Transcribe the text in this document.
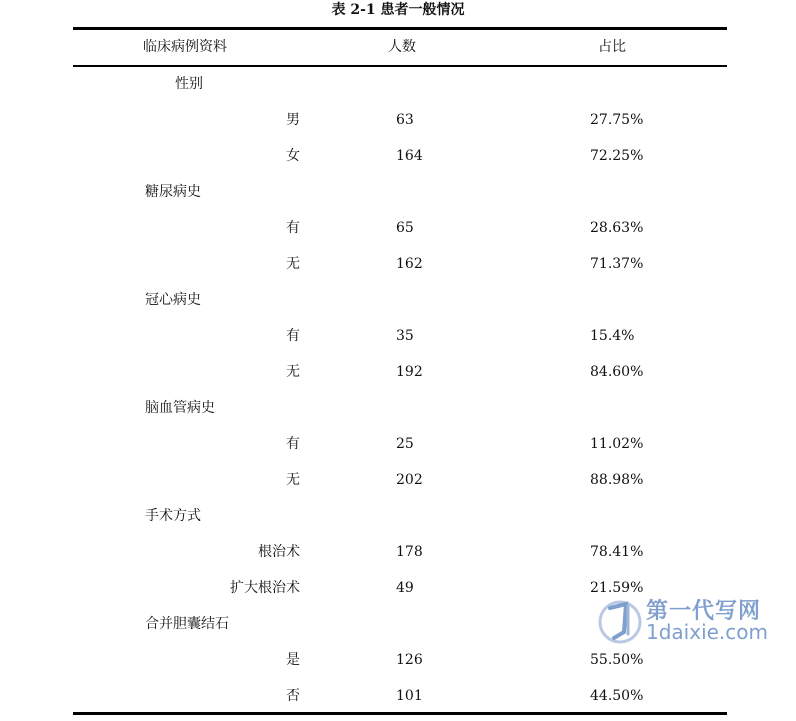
表 2-1 患者一般情况
临床病例资料	人数	占比
性别
男	63	27.75%
女	164	72.25%
糖尿病史
有	65	28.63%
无	162	71.37%
冠心病史
有	35	15.4%
无	192	84.60%
脑血管病史
有	25	11.02%
无	202	88.98%
手术方式
根治术	178	78.41%
扩大根治术	49	21.59%
合并胆囊结石
是	126	55.50%
否	101	44.50%
第一代写网
1daixie.com
